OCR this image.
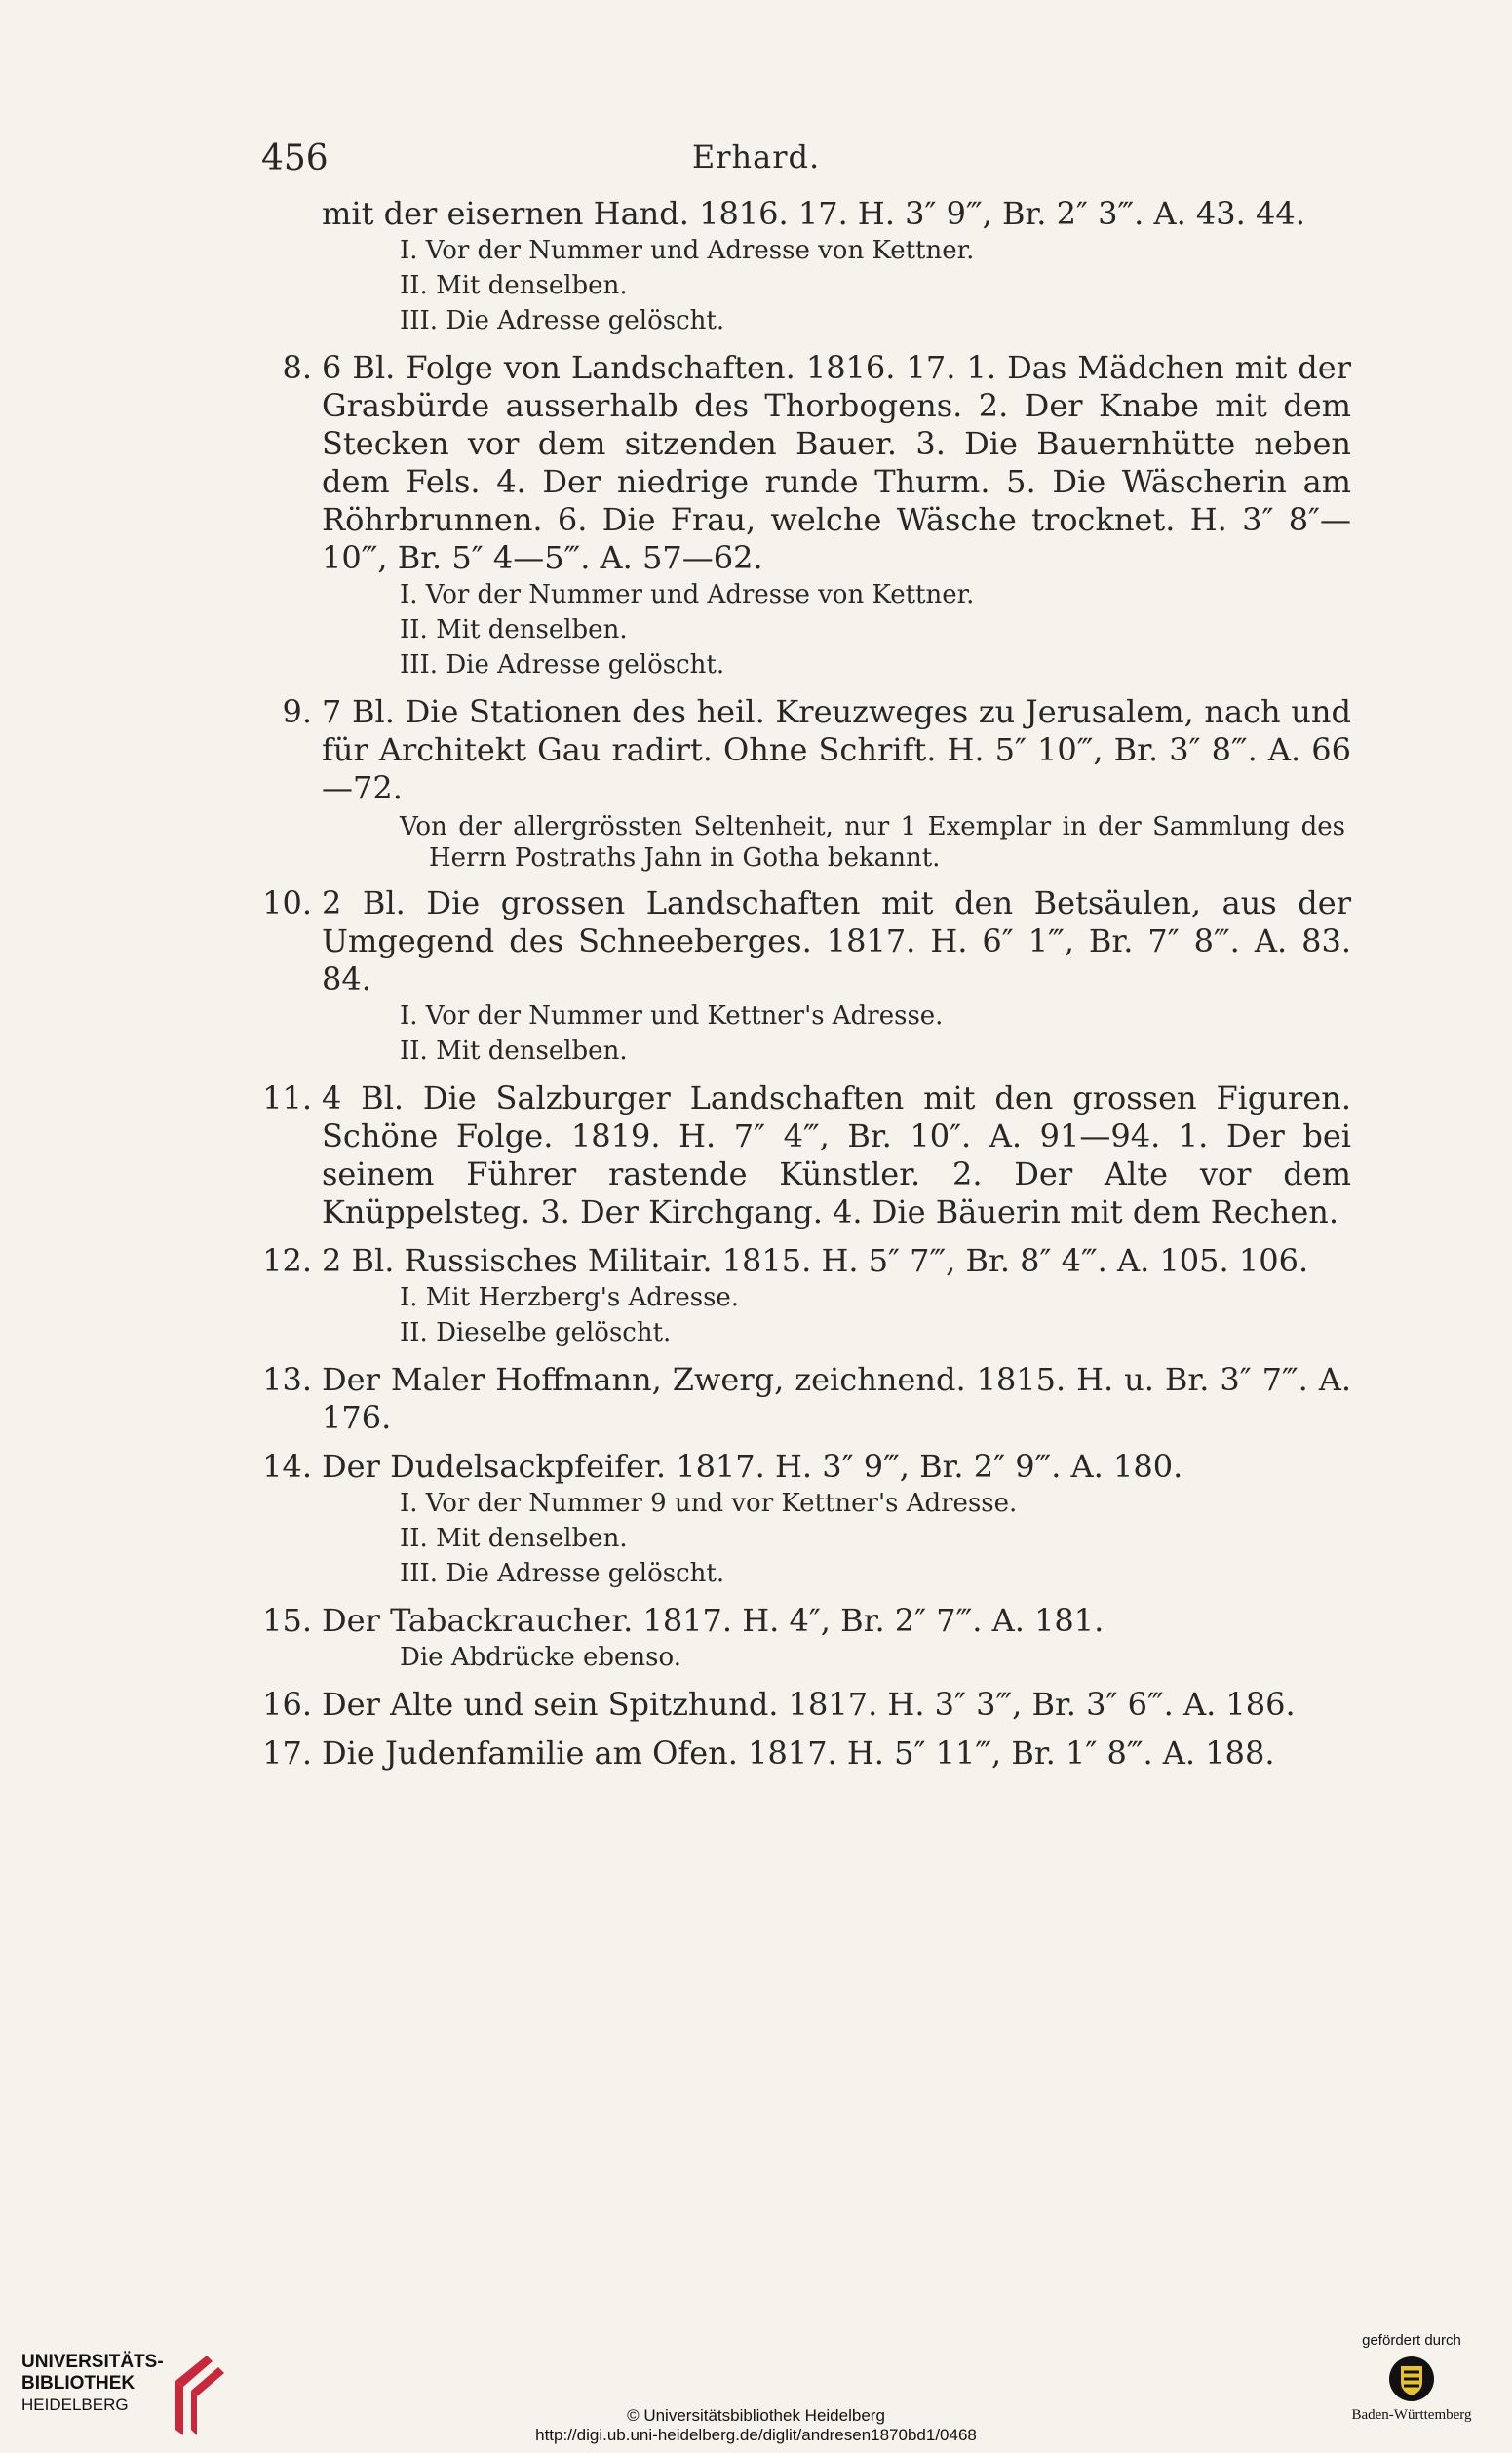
456	Erhard.
mit der eisernen Hand. 1816. 17. H. 3″ 9‴, Br. 2″ 3‴. A. 43. 44.
I. Vor der Nummer und Adresse von Kettner.
II. Mit denselben.
III. Die Adresse gelöscht.
8. 6 Bl. Folge von Landschaften. 1816. 17. 1. Das Mädchen mit der Grasbürde ausserhalb des Thorbogens. 2. Der Knabe mit dem Stecken vor dem sitzenden Bauer. 3. Die Bauernhütte neben dem Fels. 4. Der niedrige runde Thurm. 5. Die Wäscherin am Röhrbrunnen. 6. Die Frau, welche Wäsche trocknet. H. 3″ 8″—10‴, Br. 5″ 4—5‴. A. 57—62.
I. Vor der Nummer und Adresse von Kettner.
II. Mit denselben.
III. Die Adresse gelöscht.
9. 7 Bl. Die Stationen des heil. Kreuzweges zu Jerusalem, nach und für Architekt Gau radirt. Ohne Schrift. H. 5″ 10‴, Br. 3″ 8‴. A. 66—72.
Von der allergrössten Seltenheit, nur 1 Exemplar in der Sammlung des Herrn Postraths Jahn in Gotha bekannt.
10. 2 Bl. Die grossen Landschaften mit den Betsäulen, aus der Umgegend des Schneeberges. 1817. H. 6″ 1‴, Br. 7″ 8‴. A. 83. 84.
I. Vor der Nummer und Kettner's Adresse.
II. Mit denselben.
11. 4 Bl. Die Salzburger Landschaften mit den grossen Figuren. Schöne Folge. 1819. H. 7″ 4‴, Br. 10″. A. 91—94. 1. Der bei seinem Führer rastende Künstler. 2. Der Alte vor dem Knüppelsteg. 3. Der Kirchgang. 4. Die Bäuerin mit dem Rechen.
12. 2 Bl. Russisches Militair. 1815. H. 5″ 7‴, Br. 8″ 4‴. A. 105. 106.
I. Mit Herzberg's Adresse.
II. Dieselbe gelöscht.
13. Der Maler Hoffmann, Zwerg, zeichnend. 1815. H. u. Br. 3″ 7‴. A. 176.
14. Der Dudelsackpfeifer. 1817. H. 3″ 9‴, Br. 2″ 9‴. A. 180.
I. Vor der Nummer 9 und vor Kettner's Adresse.
II. Mit denselben.
III. Die Adresse gelöscht.
15. Der Tabackraucher. 1817. H. 4″, Br. 2″ 7‴. A. 181.
Die Abdrücke ebenso.
16. Der Alte und sein Spitzhund. 1817. H. 3″ 3‴, Br. 3″ 6‴. A. 186.
17. Die Judenfamilie am Ofen. 1817. H. 5″ 11‴, Br. 1″ 8‴. A. 188.
UNIVERSITÄTS-
BIBLIOTHEK
HEIDELBERG
© Universitätsbibliothek Heidelberg
http://digi.ub.uni-heidelberg.de/diglit/andresen1870bd1/0468
gefördert durch
Baden-Württemberg
